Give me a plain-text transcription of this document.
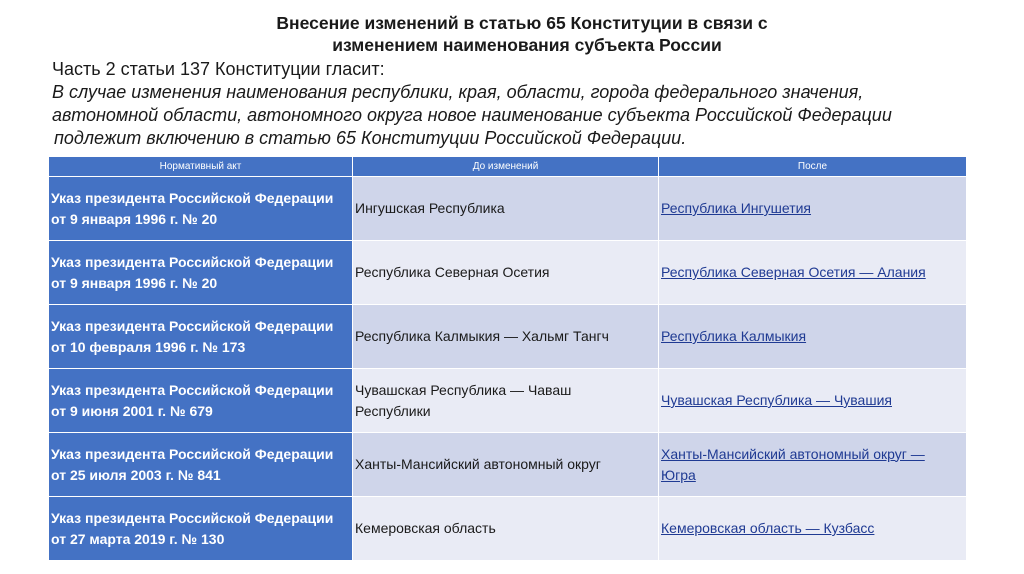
Внесение изменений в статью 65 Конституции в связи с
изменением наименования субъекта России
Часть 2 статьи 137 Конституции гласит:
В случае изменения наименования республики, края, области, города федерального значения,
автономной области, автономного округа новое наименование субъекта Российской Федерации
подлежит включению в статью 65 Конституции Российской Федерации.
Нормативный акт	До изменений	После
Указ президента Российской Федерации
от 9 января 1996 г. № 20	Ингушская Республика	Республика Ингушетия
Указ президента Российской Федерации
от 9 января 1996 г. № 20	Республика Северная Осетия	Республика Северная Осетия — Алания
Указ президента Российской Федерации
от 10 февраля 1996 г. № 173	Республика Калмыкия — Хальмг Тангч	Республика Калмыкия
Указ президента Российской Федерации
от 9 июня 2001 г. № 679	Чувашская Республика — Чаваш
Республики	Чувашская Республика — Чувашия
Указ президента Российской Федерации
от 25 июля 2003 г. № 841	Ханты-Мансийский автономный округ	Ханты-Мансийский автономный округ —
Югра
Указ президента Российской Федерации
от 27 марта 2019 г. № 130	Кемеровская область	Кемеровская область — Кузбасс
